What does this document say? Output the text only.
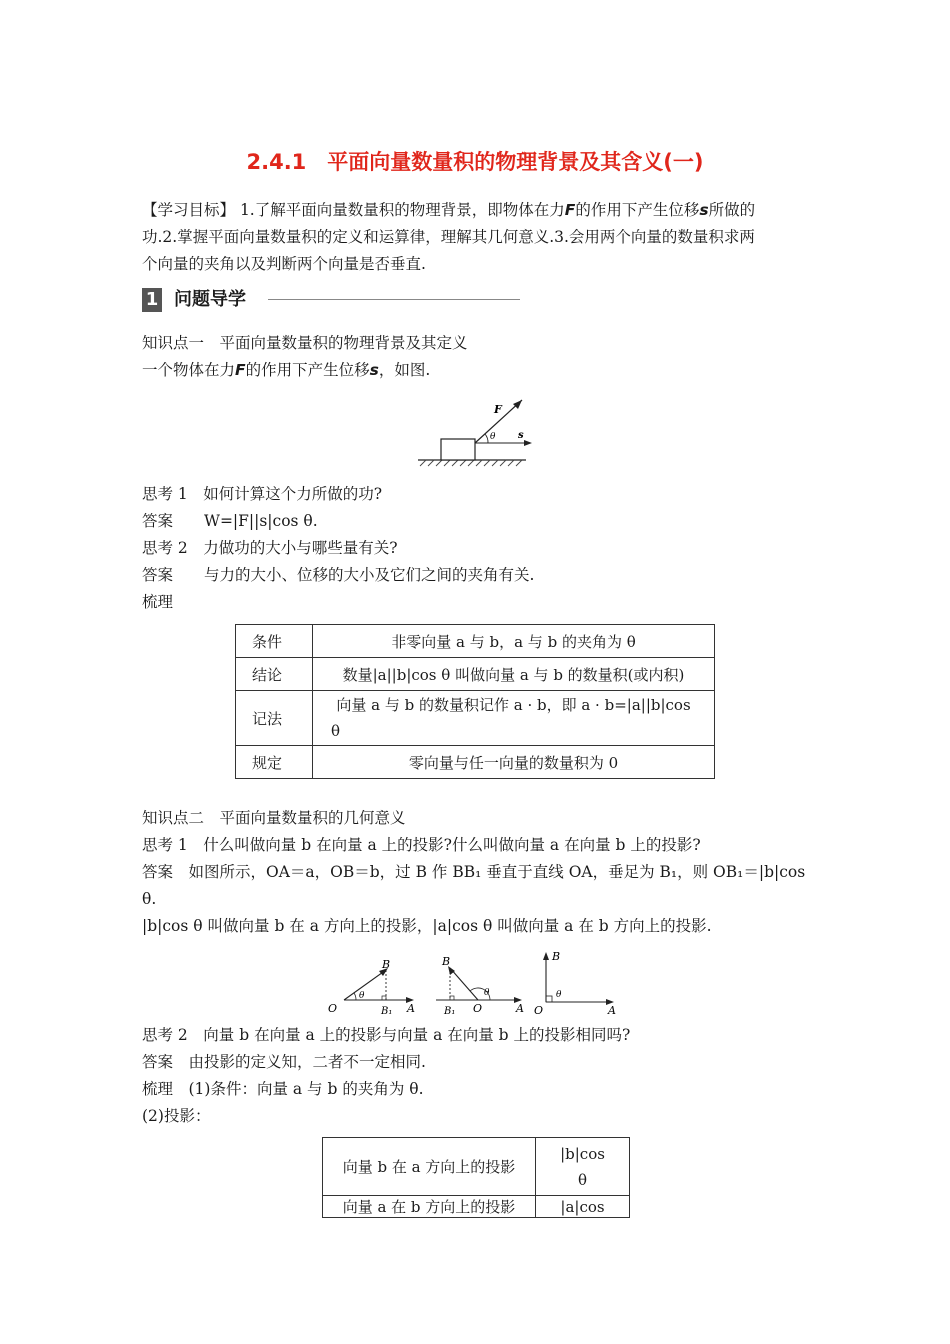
2.4.1　平面向量数量积的物理背景及其含义(一)
【学习目标】 1.了解平面向量数量积的物理背景，即物体在力F的作用下产生位移s所做的
功.2.掌握平面向量数量积的定义和运算律，理解其几何意义.3.会用两个向量的数量积求两
个向量的夹角以及判断两个向量是否垂直.
1 问题导学
知识点一　平面向量数量积的物理背景及其定义
一个物体在力F的作用下产生位移s，如图.
F
θ s
思考 1　如何计算这个力所做的功?
答案   W=|F||s|cos θ.
思考 2　力做功的大小与哪些量有关?
答案   与力的大小、位移的大小及它们之间的夹角有关.
梳理
条件	非零向量 a 与 b，a 与 b 的夹角为 θ
结论	数量|a||b|cos θ 叫做向量 a 与 b 的数量积(或内积)
记法	向量 a 与 b 的数量积记作 a · b，即 a · b=|a||b|cos
θ

规定	零向量与任一向量的数量积为 0
知识点二　平面向量数量积的几何意义
思考 1　什么叫做向量 b 在向量 a 上的投影?什么叫做向量 a 在向量 b 上的投影?
答案  如图所示，OA＝a，OB＝b，过 B 作 BB₁ 垂直于直线 OA，垂足为 B₁，则 OB₁＝|b|cos
θ.
|b|cos θ 叫做向量 b 在 a 方向上的投影，|a|cos θ 叫做向量 a 在 b 方向上的投影.
O	A
B
B₁
θ
B
B₁ O	A
θ
O
B
A
θ
思考 2　向量 b 在向量 a 上的投影与向量 a 在向量 b 上的投影相同吗?
答案  由投影的定义知，二者不一定相同.
梳理　(1)条件：向量 a 与 b 的夹角为 θ.
(2)投影：
向量 b 在 a 方向上的投影	|b|cos
θ

向量 a 在 b 方向上的投影	|a|cos
